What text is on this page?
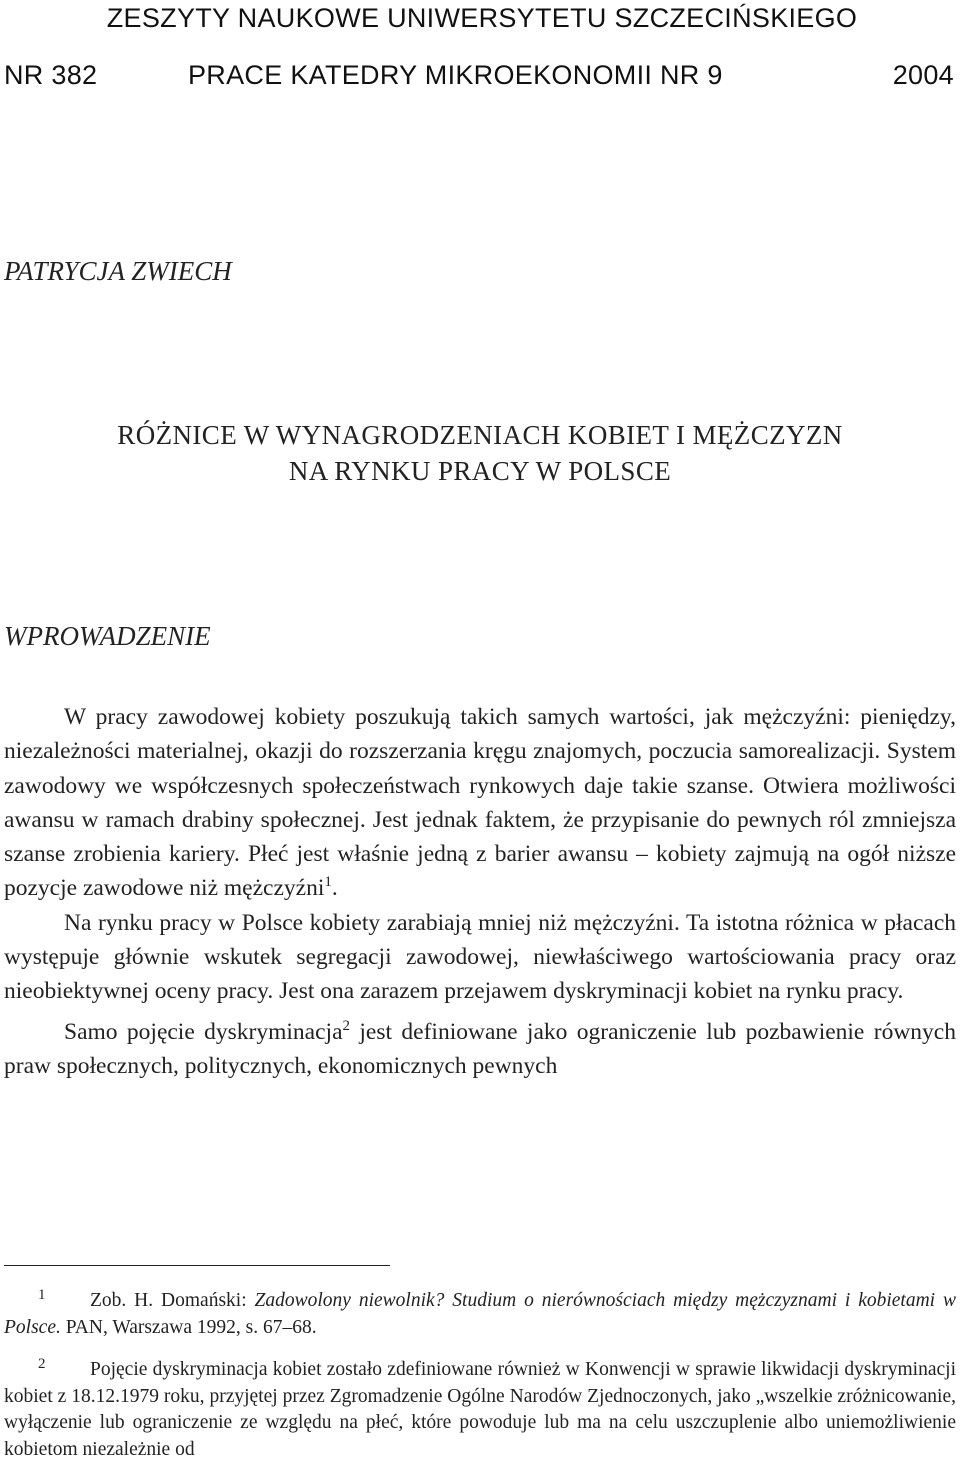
ZESZYTY NAUKOWE UNIWERSYTETU SZCZECIŃSKIEGO
NR 382	PRACE KATEDRY MIKROEKONOMII NR 9	2004
PATRYCJA ZWIECH
RÓŻNICE W WYNAGRODZENIACH KOBIET I MĘŻCZYZN
NA RYNKU PRACY W POLSCE
WPROWADZENIE

W pracy zawodowej kobiety poszukują takich samych wartości, jak mężczyźni: pieniędzy, niezależności materialnej, okazji do rozszerzania kręgu znajomych, poczucia samorealizacji. System zawodowy we współczesnych społeczeństwach rynkowych daje takie szanse. Otwiera możliwości awansu w ramach drabiny społecznej. Jest jednak faktem, że przypisanie do pewnych ról zmniejsza szanse zrobienia kariery. Płeć jest właśnie jedną z barier awansu – kobiety zajmują na ogół niższe pozycje zawodowe niż mężczyźni$^1$.

Na rynku pracy w Polsce kobiety zarabiają mniej niż mężczyźni. Ta istotna różnica w płacach występuje głównie wskutek segregacji zawodowej, niewłaściwego wartościowania pracy oraz nieobiektywnej oceny pracy. Jest ona zarazem przejawem dyskryminacji kobiet na rynku pracy.

Samo pojęcie dyskryminacja$^2$ jest definiowane jako ograniczenie lub pozbawienie równych praw społecznych, politycznych, ekonomicznych pewnych

1 Zob. H. Domański: Zadowolony niewolnik? Studium o nierównościach między mężczyznami i kobietami w Polsce. PAN, Warszawa 1992, s. 67–68.

2 Pojęcie dyskryminacja kobiet zostało zdefiniowane również w Konwencji w sprawie likwidacji dyskryminacji kobiet z 18.12.1979 roku, przyjętej przez Zgromadzenie Ogólne Narodów Zjednoczonych, jako „wszelkie zróżnicowanie, wyłączenie lub ograniczenie ze względu na płeć, które powoduje lub ma na celu uszczuplenie albo uniemożliwienie kobietom niezależnie od
